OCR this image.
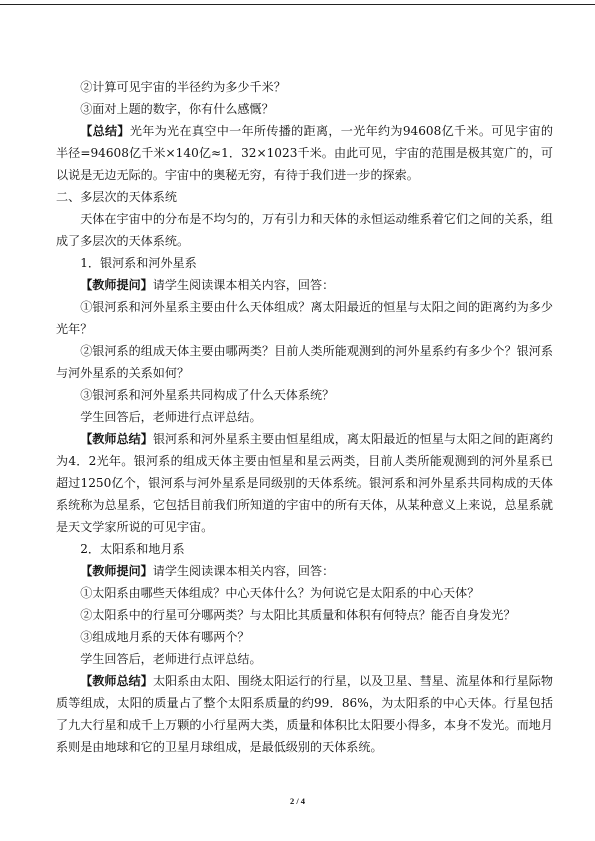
②计算可见宇宙的半径约为多少千米？

③面对上题的数字，你有什么感慨？

【总结】光年为光在真空中一年所传播的距离，一光年约为94608亿千米。可见宇宙的半径=94608亿千米×140亿≈1．32×1023千米。由此可见，宇宙的范围是极其宽广的，可以说是无边无际的。宇宙中的奥秘无穷，有待于我们进一步的探索。

二、多层次的天体系统

天体在宇宙中的分布是不均匀的，万有引力和天体的永恒运动维系着它们之间的关系，组成了多层次的天体系统。

1．银河系和河外星系

【教师提问】请学生阅读课本相关内容，回答：

①银河系和河外星系主要由什么天体组成？离太阳最近的恒星与太阳之间的距离约为多少光年？

②银河系的组成天体主要由哪两类？目前人类所能观测到的河外星系约有多少个？银河系与河外星系的关系如何？

③银河系和河外星系共同构成了什么天体系统？

学生回答后，老师进行点评总结。

【教师总结】银河系和河外星系主要由恒星组成，离太阳最近的恒星与太阳之间的距离约为4．2光年。银河系的组成天体主要由恒星和星云两类，目前人类所能观测到的河外星系已超过1250亿个，银河系与河外星系是同级别的天体系统。银河系和河外星系共同构成的天体系统称为总星系，它包括目前我们所知道的宇宙中的所有天体，从某种意义上来说，总星系就是天文学家所说的可见宇宙。

2．太阳系和地月系

【教师提问】请学生阅读课本相关内容，回答：

①太阳系由哪些天体组成？中心天体什么？为何说它是太阳系的中心天体？

②太阳系中的行星可分哪两类？与太阳比其质量和体积有何特点？能否自身发光？

③组成地月系的天体有哪两个？

学生回答后，老师进行点评总结。

【教师总结】太阳系由太阳、围绕太阳运行的行星，以及卫星、彗星、流星体和行星际物质等组成，太阳的质量占了整个太阳系质量的约99．86%，为太阳系的中心天体。行星包括了九大行星和成千上万颗的小行星两大类，质量和体积比太阳要小得多，本身不发光。而地月系则是由地球和它的卫星月球组成，是最低级别的天体系统。

2 / 4
